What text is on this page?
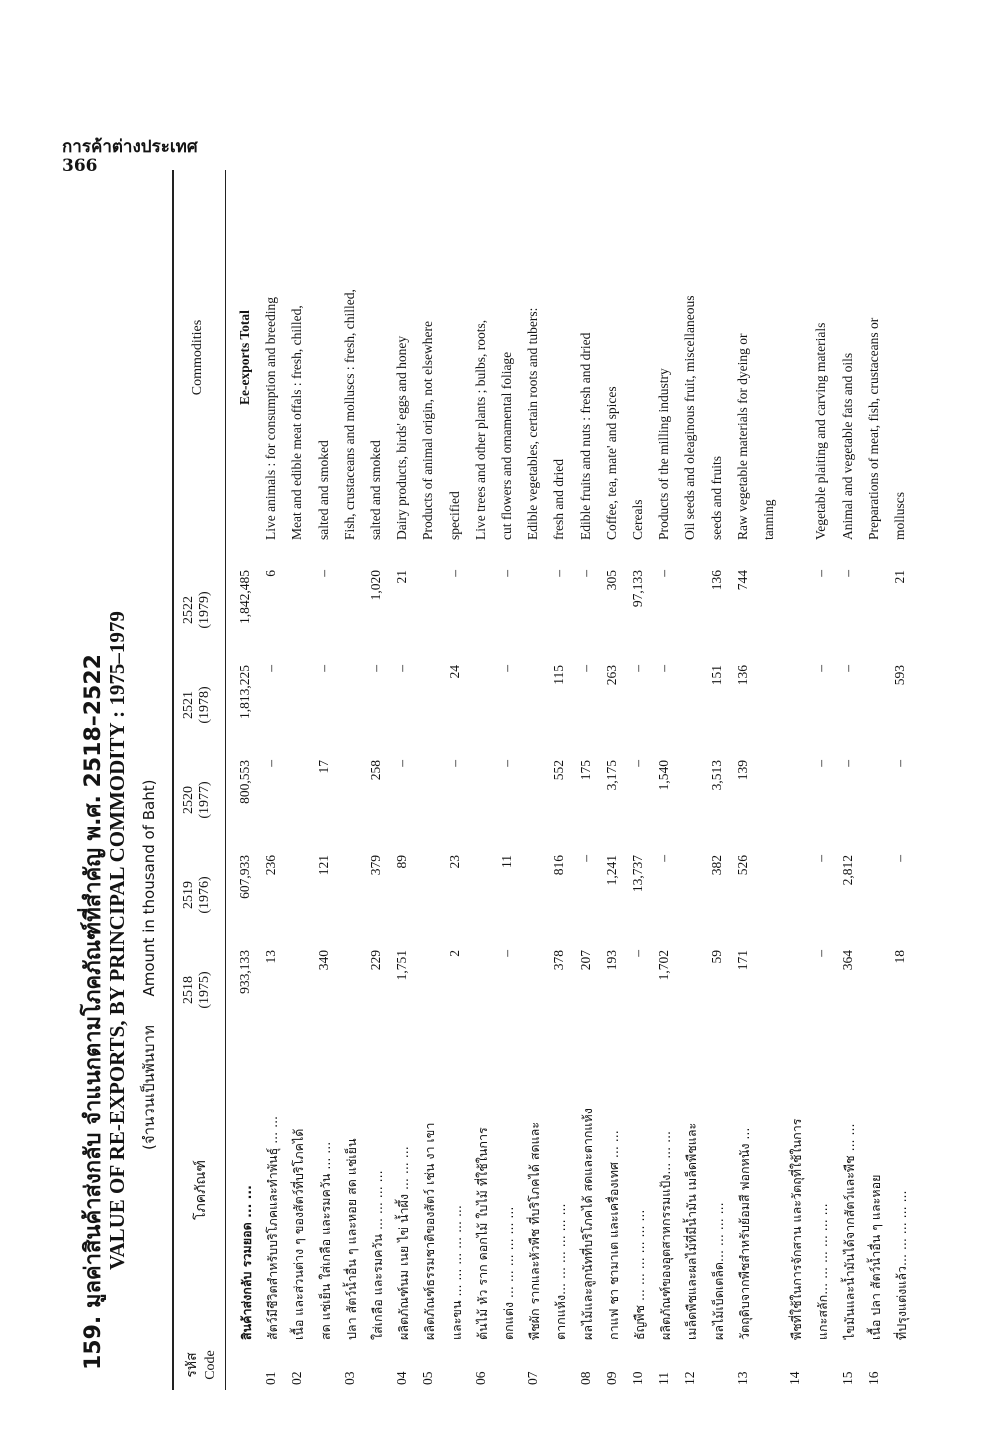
การค้าต่างประเทศ
366
159. มูลค่าสินค้าส่งกลับ จำแนกตามโภคภัณฑ์ที่สำคัญ พ.ศ. 2518–2522 VALUE OF RE-EXPORTS, BY PRINCIPAL COMMODITY : 1975–1979 (จำนวนเป็นพันบาท      Amount in thousand of Baht)
รหัส Code
โภคภัณฑ์
2518 (1975)
2519 (1976)
2520 (1977)
2521 (1978)
2522 (1979)
Commodities
สินค้าส่งกลับ รวมยอด ... ...
933,133
607,933
800,553
1,813,225
1,842,485
Ee-exports Total
01
สัตว์มีชีวิตสำหรับบริโภคและทำพันธุ์ ... ...
13
236
–
–
6
Live animals : for consumption and breeding
02
เนื้อ และส่วนต่าง ๆ ของสัตว์ที่บริโภคได้
Meat and edible meat offals : fresh, chilled,
สด แช่เย็น ใส่เกลือ และรมควัน ... ...
340
121
17
–
–
salted and smoked
03
ปลา สัตว์น้ำอื่น ๆ และหอย สด แช่เย็น
Fish, crustaceans and molluscs : fresh, chilled,
ใส่เกลือ และรมควัน ... ... ... ...
229
379
258
–
1,020
salted and smoked
04
ผลิตภัณฑ์นม เนย ไข่ น้ำผึ้ง ... ... ...
1,751
89
–
–
21
Dairy products, birds' eggs and honey
05
ผลิตภัณฑ์ธรรมชาติของสัตว์ เช่น งา เขา
Products of animal origin, not elsewhere
และขน ... ... ... ... ... ...
2
23
–
24
–
specified
06
ต้นไม้ หัว ราก ดอกไม้ ใบไม้ ที่ใช้ในการ
Live trees and other plants ; bulbs, roots,
ตกแต่ง ... ... ... ... ... ...
–
11
–
–
–
cut flowers and ornamental foliage
07
พืชผัก รากและหัวพืช ที่บริโภคได้ สดและ
Edible vegetables, certain roots and tubers:
ตากแห้ง... ... ... ... ... ...
378
816
552
115
–
fresh and dried
08
ผลไม้และลูกนัทที่บริโภคได้ สดและตากแห้ง
207
–
175
–
–
Edible fruits and nuts : fresh and dried
09
กาแฟ ชา ชามาเต และเครื่องเทศ ... ...
193
1,241
3,175
263
305
Coffee, tea, mate' and spices
10
ธัญพืช ... ... ... ... ... ...
–
13,737
–
–
97,133
Cereals
11
ผลิตภัณฑ์ของอุตสาหกรรมแป้ง... ... ...
1,702
–
1,540
–
–
Products of the milling industry
12
เมล็ดพืชและผลไม้ที่มีน้ำมัน เมล็ดพืชและ
Oil seeds and oleaginous fruit, miscellaneous
ผลไม้เบ็ดเตล็ด... ... ... ...
59
382
3,513
151
136
seeds and fruits
13
วัตถุดิบจากพืชสำหรับย้อมสี ฟอกหนัง ...
171
526
139
136
744
Raw vegetable materials for dyeing or tanning
14
พืชที่ใช้ในการจักสาน และวัตถุที่ใช้ในการ แกะสลัก... ... ... ... ... ...
–
–
–
–
–
Vegetable plaiting and carving materials
15
ไขมันและน้ำมันได้จากสัตว์และพืช ... ...
364
2,812
–
–
–
Animal and vegetable fats and oils
16
เนื้อ ปลา สัตว์น้ำอื่น ๆ และหอย
Preparations of meat, fish, crustaceans or
ที่ปรุงแต่งแล้ว... ... ... ... ...
18
–
–
593
21
molluscs
